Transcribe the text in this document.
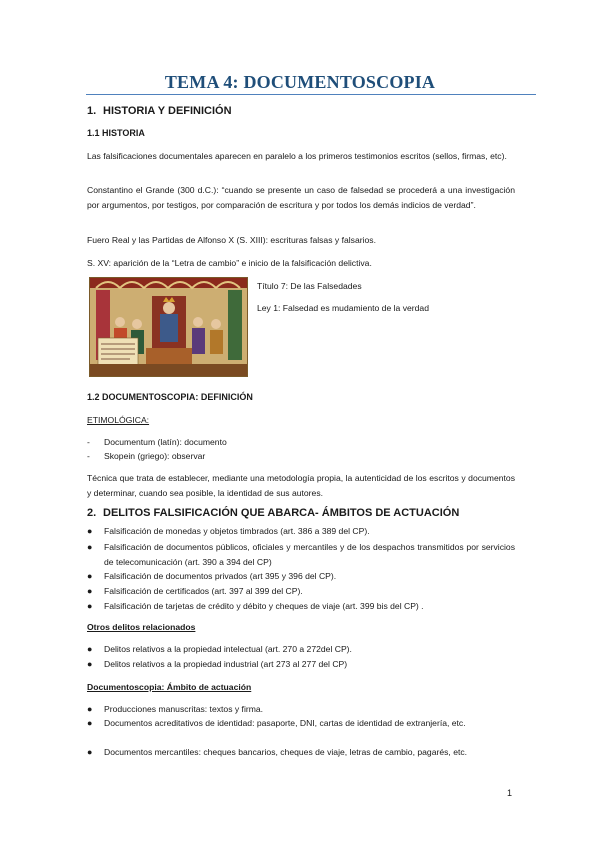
TEMA 4: DOCUMENTOSCOPIA
1. HISTORIA Y DEFINICIÓN
1.1 HISTORIA

Las falsificaciones documentales aparecen en paralelo a los primeros testimonios escritos (sellos, firmas, etc).

Constantino el Grande (300 d.C.): “cuando se presente un caso de falsedad se procederá a una investigación por argumentos, por testigos, por comparación de escritura y por todos los demás indicios de verdad”.

Fuero Real y las Partidas de Alfonso X (S. XIII): escrituras falsas y falsarios.

S. XV: aparición de la “Letra de cambio” e inicio de la falsificación delictiva.

Título 7: De las Falsedades
Ley 1: Falsedad es mudamiento de la verdad
1.2 DOCUMENTOSCOPIA: DEFINICIÓN
ETIMOLÓGICA:
- Documentum (latín): documento
- Skopein (griego): observar

Técnica que trata de establecer, mediante una metodología propia, la autenticidad de los escritos y documentos y determinar, cuando sea posible, la identidad de sus autores.

2. DELITOS FALSIFICACIÓN QUE ABARCA- ÁMBITOS DE ACTUACIÓN
● Falsificación de monedas y objetos timbrados (art. 386 a 389 del CP).
● Falsificación de documentos públicos, oficiales y mercantiles y de los despachos transmitidos por servicios de telecomunicación (art. 390 a 394 del CP)
● Falsificación de documentos privados (art 395 y 396 del CP).
● Falsificación de certificados (art. 397 al 399 del CP).
● Falsificación de tarjetas de crédito y débito y cheques de viaje (art. 399 bis del CP) .
Otros delitos relacionados
● Delitos relativos a la propiedad intelectual (art. 270 a 272del CP).
● Delitos relativos a la propiedad industrial (art 273 al 277 del CP)
Documentoscopia: Ámbito de actuación
● Producciones manuscritas: textos y firma.
● Documentos acreditativos de identidad: pasaporte, DNI, cartas de identidad de extranjería, etc.
● Documentos mercantiles: cheques bancarios, cheques de viaje, letras de cambio, pagarés, etc.
1
